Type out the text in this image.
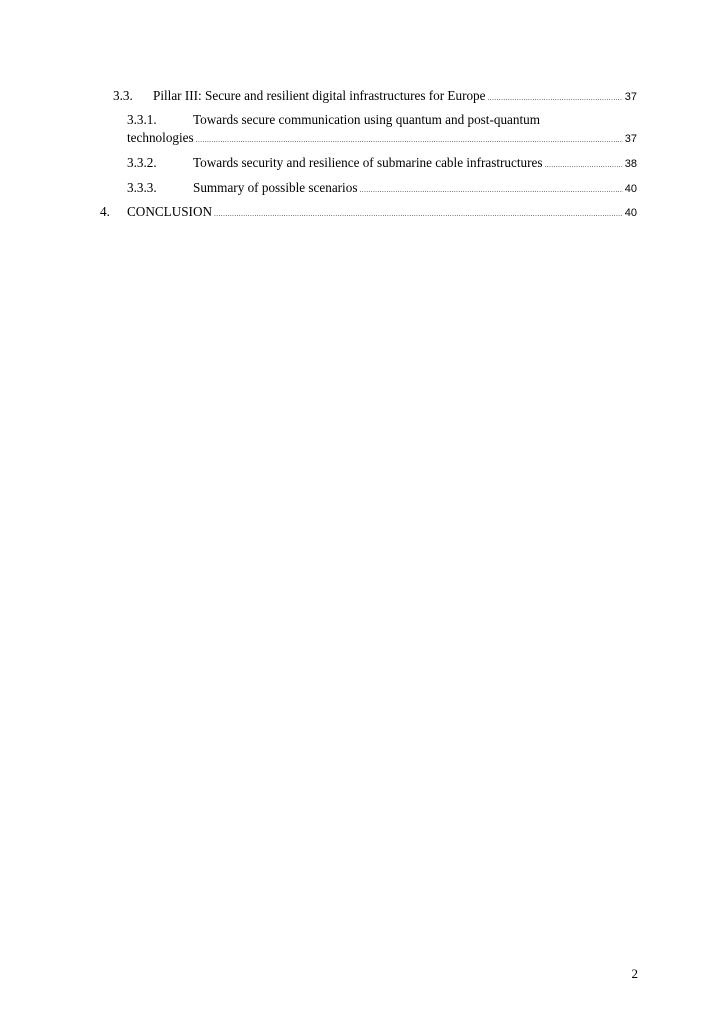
3.3.	Pillar III: Secure and resilient digital infrastructures for Europe .....	37
3.3.1.	Towards secure communication using quantum and post-quantum
technologies .....	37
3.3.2.	Towards security and resilience of submarine cable infrastructures .....	38
3.3.3.	Summary of possible scenarios .....	40
4.	CONCLUSION .....	40
2
